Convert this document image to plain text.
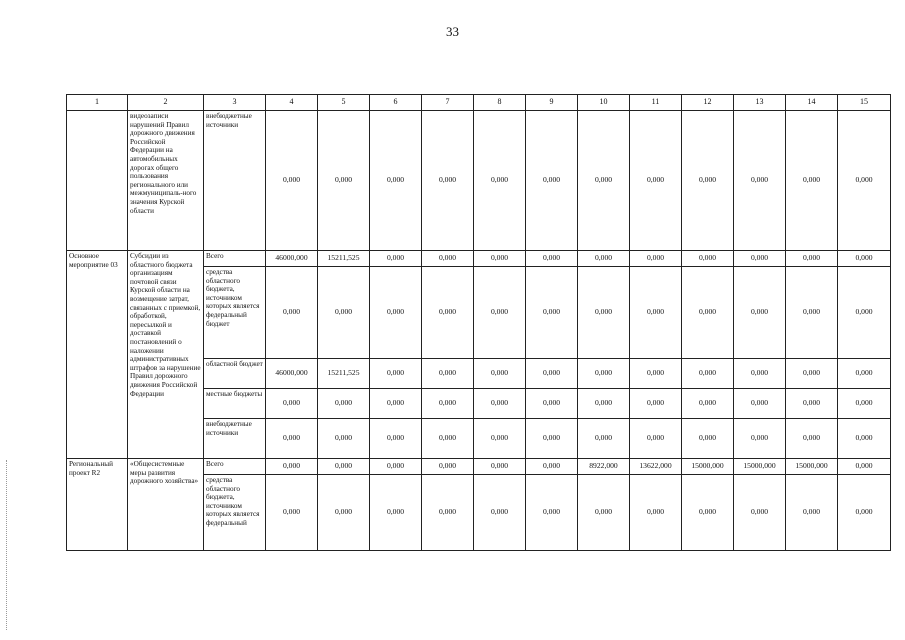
33
1	2	3	4	5	6	7	8	9	10	11	12	13	14	15
	видеозаписи нарушений Правил дорожного движения Российской Федерации на автомобильных дорогах общего пользования регионального или межмуниципаль-ного значения Курской области	внебюджетные источники	0,000	0,000	0,000	0,000	0,000	0,000	0,000	0,000	0,000	0,000	0,000	0,000
Основное мероприятие 03	Субсидии из областного бюджета организациям почтовой связи Курской области на возмещение затрат, связанных с приемкой, обработкой, пересылкой и доставкой постановлений о наложении административных штрафов за нарушение Правил дорожного движения Российской Федерации	Всего	46000,000	15211,525	0,000	0,000	0,000	0,000	0,000	0,000	0,000	0,000	0,000	0,000
		средства областного бюджета, источником которых является федеральный бюджет	0,000	0,000	0,000	0,000	0,000	0,000	0,000	0,000	0,000	0,000	0,000	0,000
		областной бюджет	46000,000	15211,525	0,000	0,000	0,000	0,000	0,000	0,000	0,000	0,000	0,000	0,000
		местные бюджеты	0,000	0,000	0,000	0,000	0,000	0,000	0,000	0,000	0,000	0,000	0,000	0,000
		внебюджетные источники	0,000	0,000	0,000	0,000	0,000	0,000	0,000	0,000	0,000	0,000	0,000	0,000
Региональный проект R2	«Общесистемные меры развития дорожного хозяйства»	Всего	0,000	0,000	0,000	0,000	0,000	0,000	8922,000	13622,000	15000,000	15000,000	15000,000	0,000
		средства областного бюджета, источником которых является федеральный	0,000	0,000	0,000	0,000	0,000	0,000	0,000	0,000	0,000	0,000	0,000	0,000
